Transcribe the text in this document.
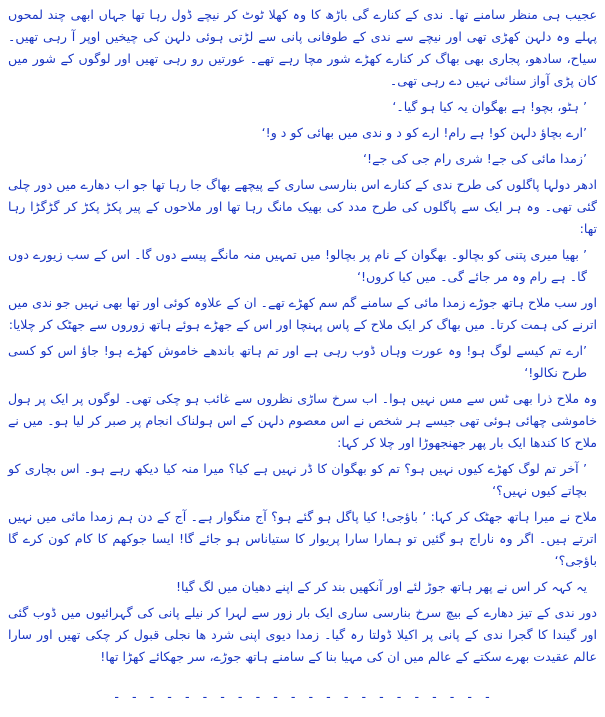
عجیب ہی منظر سامنے تھا۔ ندی کے کنارے گی باڑھ کا وہ کھلا ٹوٹ کر نیچے ڈول رہا تھا جہاں ابھی چند لمحوں پہلے وہ دلہن کھڑی تھی اور نیچے سے ندی کے طوفانی پانی سے لڑتی ہوئی دلہن کی چیخیں اوپر آ رہی تھیں۔ سیاح، سادھو، پجاری بھی بھاگ کر کنارے کھڑے شور مچا رہے تھے۔ عورتیں رو رہی تھیں اور لوگوں کے شور میں کان پڑی آواز سنائی نہیں دے رہی تھی۔

’ ہٹو، بچو! ہے بھگوان یہ کیا ہو گیا۔‘

’ارے بچاؤ دلہن کو! ہے رام! ارے کو د و ندی میں بھائی کو د و!‘

’زمدا مائی کی جے! شری رام جی کی جے!‘

ادھر دولہا پاگلوں کی طرح ندی کے کنارے اس بنارسی ساری کے پیچھے بھاگ جا رہا تھا جو اب دھارے میں دور چلی گئی تھی۔ وہ ہر ایک سے پاگلوں کی طرح مدد کی بھیک مانگ رہا تھا اور ملاحوں کے پیر پکڑ پکڑ کر گڑگڑا رہا تھا:

’ بھیا میری پتنی کو بچالو۔ بھگوان کے نام پر بچالو! میں تمہیں منہ مانگے پیسے دوں گا۔ اس کے سب زیورے دوں گا۔ ہے رام وہ مر جائے گی۔ میں کیا کروں!‘

اور سب ملاح ہاتھ جوڑے زمدا مائی کے سامنے گم سم کھڑے تھے۔ ان کے علاوہ کوئی اور تھا بھی نہیں جو ندی میں اترنے کی ہمت کرتا۔ میں بھاگ کر ایک ملاح کے پاس پہنچا اور اس کے جھڑے ہوئے ہاتھ زوروں سے جھٹک کر چلایا:

’ارے تم کیسے لوگ ہو! وہ عورت وہاں ڈوب رہی ہے اور تم ہاتھ باندھے خاموش کھڑے ہو! جاؤ اس کو کسی طرح نکالو!‘

وہ ملاح ذرا بھی ٹس سے مس نہیں ہوا۔ اب سرخ ساڑی نظروں سے غائب ہو چکی تھی۔ لوگوں پر ایک پر ہول خاموشی چھائی ہوئی تھی جیسے ہر شخص نے اس معصوم دلہن کے اس ہولناک انجام پر صبر کر لیا ہو۔ میں نے ملاح کا کندھا ایک بار پھر جھنجھوڑا اور چلا کر کہا:

’ آخر تم لوگ کھڑے کیوں نہیں ہو؟ تم کو بھگوان کا ڈر نہیں ہے کیا؟ میرا منہ کیا دیکھ رہے ہو۔ اس بچاری کو بچاتے کیوں نہیں؟‘

ملاح نے میرا ہاتھ جھٹک کر کہا: ’ باؤجی! کیا پاگل ہو گئے ہو؟ آج منگوار ہے۔ آج کے دن ہم زمدا مائی میں نہیں اترتے ہیں۔ اگر وہ ناراج ہو گئیں تو ہمارا سارا پریوار کا ستیاناس ہو جائے گا! ایسا جوکھم کا کام کون کرے گا باؤجی؟‘

یہ کہہ کر اس نے پھر ہاتھ جوڑ لئے اور آنکھیں بند کر کے اپنے دھیان میں لگ گیا!

دور ندی کے تیز دھارے کے بیچ سرخ بنارسی ساری ایک بار زور سے لہرا کر نیلے پانی کی گہرائیوں میں ڈوب گئی اور گیندا کا گجرا ندی کے پانی پر اکیلا ڈولتا رہ گیا۔ زمدا دیوی اپنی شرد ھا نجلی قبول کر چکی تھیں اور سارا عالم عقیدت بھرے سکتے کے عالم میں ان کی مہیا بنا کے سامنے ہاتھ جوڑے، سر جھکائے کھڑا تھا!

- - - - - - - - - - - - - - - - - - - - - -
